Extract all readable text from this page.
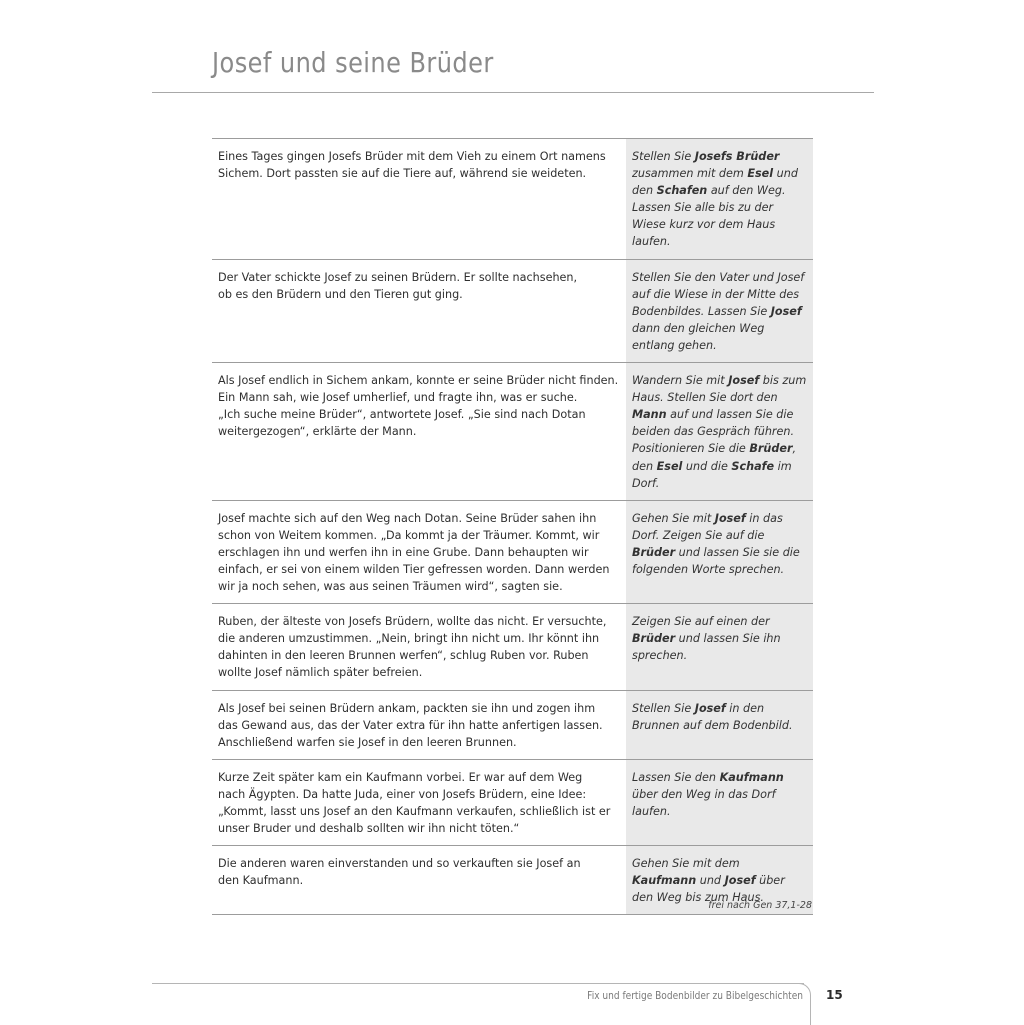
Josef und seine Brüder
Eines Tages gingen Josefs Brüder mit dem Vieh zu einem Ort namens
Sichem. Dort passten sie auf die Tiere auf, während sie weideten.	Stellen Sie Josefs Brüder zusammen mit dem Esel und den Schafen auf den Weg. Lassen Sie alle bis zu der Wiese kurz vor dem Haus laufen.
Der Vater schickte Josef zu seinen Brüdern. Er sollte nachsehen,
ob es den Brüdern und den Tieren gut ging.	Stellen Sie den Vater und Josef auf die Wiese in der Mitte des Bodenbildes. Lassen Sie Josef dann den gleichen Weg entlang gehen.
Als Josef endlich in Sichem ankam, konnte er seine Brüder nicht finden.
Ein Mann sah, wie Josef umherlief, und fragte ihn, was er suche.
„Ich suche meine Brüder“, antwortete Josef. „Sie sind nach Dotan
weitergezogen“, erklärte der Mann.	Wandern Sie mit Josef bis zum Haus. Stellen Sie dort den Mann auf und lassen Sie die beiden das Gespräch führen. Positionieren Sie die Brüder, den Esel und die Schafe im Dorf.
Josef machte sich auf den Weg nach Dotan. Seine Brüder sahen ihn
schon von Weitem kommen. „Da kommt ja der Träumer. Kommt, wir
erschlagen ihn und werfen ihn in eine Grube. Dann behaupten wir
einfach, er sei von einem wilden Tier gefressen worden. Dann werden
wir ja noch sehen, was aus seinen Träumen wird“, sagten sie.	Gehen Sie mit Josef in das Dorf. Zeigen Sie auf die Brüder und lassen Sie sie die folgenden Worte sprechen.
Ruben, der älteste von Josefs Brüdern, wollte das nicht. Er versuchte,
die anderen umzustimmen. „Nein, bringt ihn nicht um. Ihr könnt ihn
dahinten in den leeren Brunnen werfen“, schlug Ruben vor. Ruben
wollte Josef nämlich später befreien.	Zeigen Sie auf einen der Brüder und lassen Sie ihn sprechen.
Als Josef bei seinen Brüdern ankam, packten sie ihn und zogen ihm
das Gewand aus, das der Vater extra für ihn hatte anfertigen lassen.
Anschließend warfen sie Josef in den leeren Brunnen.	Stellen Sie Josef in den Brunnen auf dem Bodenbild.
Kurze Zeit später kam ein Kaufmann vorbei. Er war auf dem Weg
nach Ägypten. Da hatte Juda, einer von Josefs Brüdern, eine Idee:
„Kommt, lasst uns Josef an den Kaufmann verkaufen, schließlich ist er
unser Bruder und deshalb sollten wir ihn nicht töten.“	Lassen Sie den Kaufmann über den Weg in das Dorf laufen.
Die anderen waren einverstanden und so verkauften sie Josef an
den Kaufmann.	Gehen Sie mit dem Kaufmann und Josef über den Weg bis zum Haus.
frei nach Gen 37,1-28
Fix und fertige Bodenbilder zu Bibelgeschichten 15
